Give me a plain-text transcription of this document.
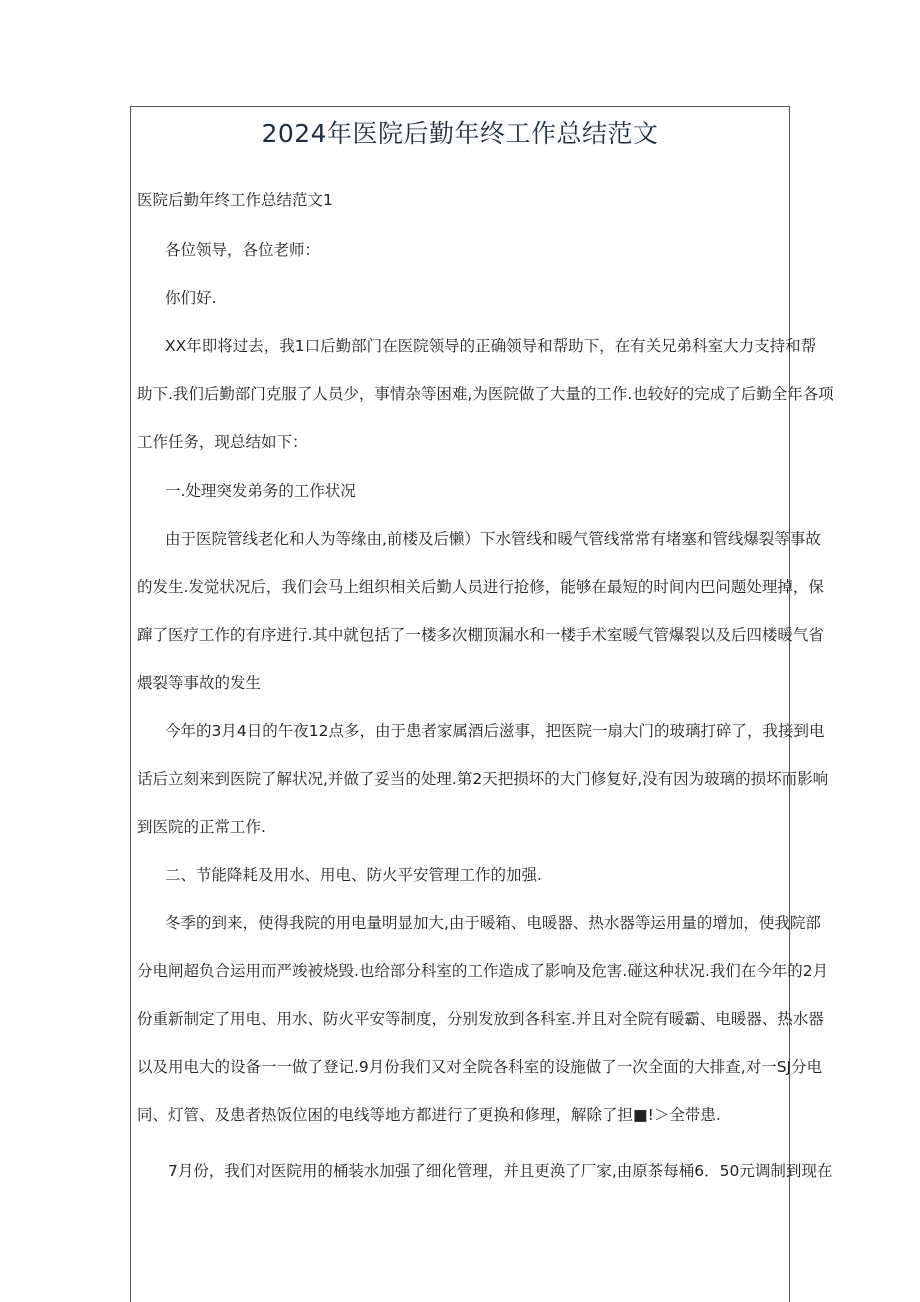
2024年医院后勤年终工作总结范文
医院后勤年终工作总结范文1
各位领导，各位老师：
你们好.
XX年即将过去，我1口后勤部门在医院领导的正确领导和帮助下，在有关兄弟科室大力支持和帮
助下.我们后勤部门克服了人员少，事情杂等困难,为医院做了大量的工作.也较好的完成了后勤全年各项
工作任务，现总结如下：
一.处理突发弟务的工作状况
由于医院管线老化和人为等缘由,前楼及后懒）下水管线和暖气管线常常有堵塞和管线爆裂等事故
的发生.发觉状况后，我们会马上组织相关后勤人员进行抢修，能够在最短的时间内巴问题处理掉，保
蹿了医疗工作的有序进行.其中就包括了一楼多次棚顶漏水和一楼手术室暖气管爆裂以及后四楼暖气省
煨裂等事故的发生
今年的3月4日的午夜12点多，由于患者家属酒后滋事，把医院一扇大门的玻璃打碎了，我接到电
话后立刻来到医院了解状况,并做了妥当的处理.第2天把损坏的大门修复好,没有因为玻璃的损坏而影响
到医院的正常工作.
二、节能降耗及用水、用电、防火平安管理工作的加强.
冬季的到来，使得我院的用电量明显加大,由于暖箱、电暖器、热水器等运用量的增加，使我院部
分电闸超负合运用而严竣被烧毁.也给部分科室的工作造成了影响及危害.碰这种状况.我们在今年的2月
份重新制定了用电、用水、防火平安等制度，分别发放到各科室.并且对全院有暖霸、电暖器、热水器
以及用电大的设备一一做了登记.9月份我们又对全院各科室的设施做了一次全面的大排查,对一SJ分电
同、灯管、及患者热饭位困的电线等地方都进行了更换和修理，解除了担■!＞全带患.
7月份，我们对医院用的桶装水加强了细化管理，并且更涣了厂家,由原茶每桶6．50元调制到现在
